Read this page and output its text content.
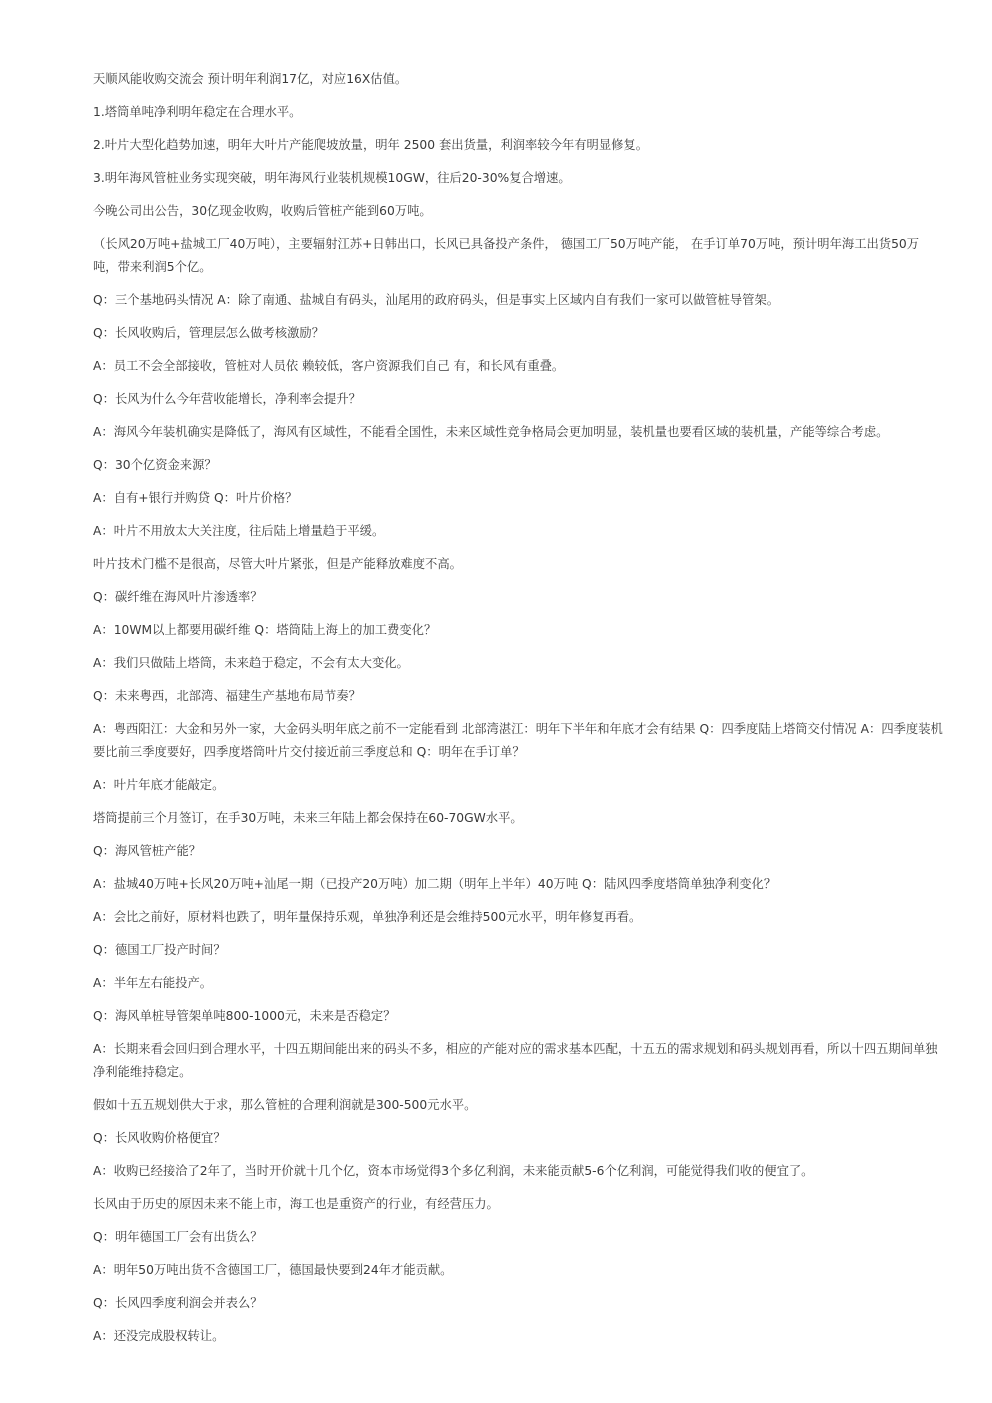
天顺风能收购交流会 预计明年利润17亿，对应16X估值。

1.塔筒单吨净利明年稳定在合理水平。

2.叶片大型化趋势加速，明年大叶片产能爬坡放量，明年 2500 套出货量，利润率较今年有明显修复。

3.明年海风管桩业务实现突破，明年海风行业装机规模10GW，往后20-30%复合增速。

今晚公司出公告，30亿现金收购，收购后管桩产能到60万吨。

（长风20万吨+盐城工厂40万吨），主要辐射江苏+日韩出口，长风已具备投产条件， 德国工厂50万吨产能， 在手订单70万吨，预计明年海工出货50万吨，带来利润5个亿。

Q：三个基地码头情况 A：除了南通、盐城自有码头，汕尾用的政府码头，但是事实上区域内自有我们一家可以做管桩导管架。

Q：长风收购后，管理层怎么做考核激励？

A：员工不会全部接收，管桩对人员依 赖较低，客户资源我们自己 有，和长风有重叠。

Q：长风为什么今年营收能增长，净利率会提升？

A：海风今年装机确实是降低了，海风有区域性，不能看全国性，未来区域性竞争格局会更加明显，装机量也要看区域的装机量，产能等综合考虑。

Q：30个亿资金来源？

A：自有+银行并购贷 Q：叶片价格？

A：叶片不用放太大关注度，往后陆上增量趋于平缓。

叶片技术门槛不是很高，尽管大叶片紧张，但是产能释放难度不高。

Q：碳纤维在海风叶片渗透率？

A：10WM以上都要用碳纤维 Q：塔筒陆上海上的加工费变化？

A：我们只做陆上塔筒，未来趋于稳定，不会有太大变化。

Q：未来粤西，北部湾、福建生产基地布局节奏？

A：粤西阳江：大金和另外一家，大金码头明年底之前不一定能看到 北部湾湛江：明年下半年和年底才会有结果 Q：四季度陆上塔筒交付情况 A：四季度装机要比前三季度要好，四季度塔筒叶片交付接近前三季度总和 Q：明年在手订单？

A：叶片年底才能敲定。

塔筒提前三个月签订，在手30万吨，未来三年陆上都会保持在60-70GW水平。

Q：海风管桩产能？

A：盐城40万吨+长风20万吨+汕尾一期（已投产20万吨）加二期（明年上半年）40万吨 Q：陆风四季度塔筒单独净利变化？

A：会比之前好，原材料也跌了，明年量保持乐观，单独净利还是会维持500元水平，明年修复再看。

Q：德国工厂投产时间？

A：半年左右能投产。

Q：海风单桩导管架单吨800-1000元，未来是否稳定？

A：长期来看会回归到合理水平，十四五期间能出来的码头不多，相应的产能对应的需求基本匹配，十五五的需求规划和码头规划再看，所以十四五期间单独净利能维持稳定。

假如十五五规划供大于求，那么管桩的合理利润就是300-500元水平。

Q：长风收购价格便宜？

A：收购已经接洽了2年了，当时开价就十几个亿，资本市场觉得3个多亿利润，未来能贡献5-6个亿利润，可能觉得我们收的便宜了。

长风由于历史的原因未来不能上市，海工也是重资产的行业，有经营压力。

Q：明年德国工厂会有出货么？

A：明年50万吨出货不含德国工厂，德国最快要到24年才能贡献。

Q：长风四季度利润会并表么？

A：还没完成股权转让。
